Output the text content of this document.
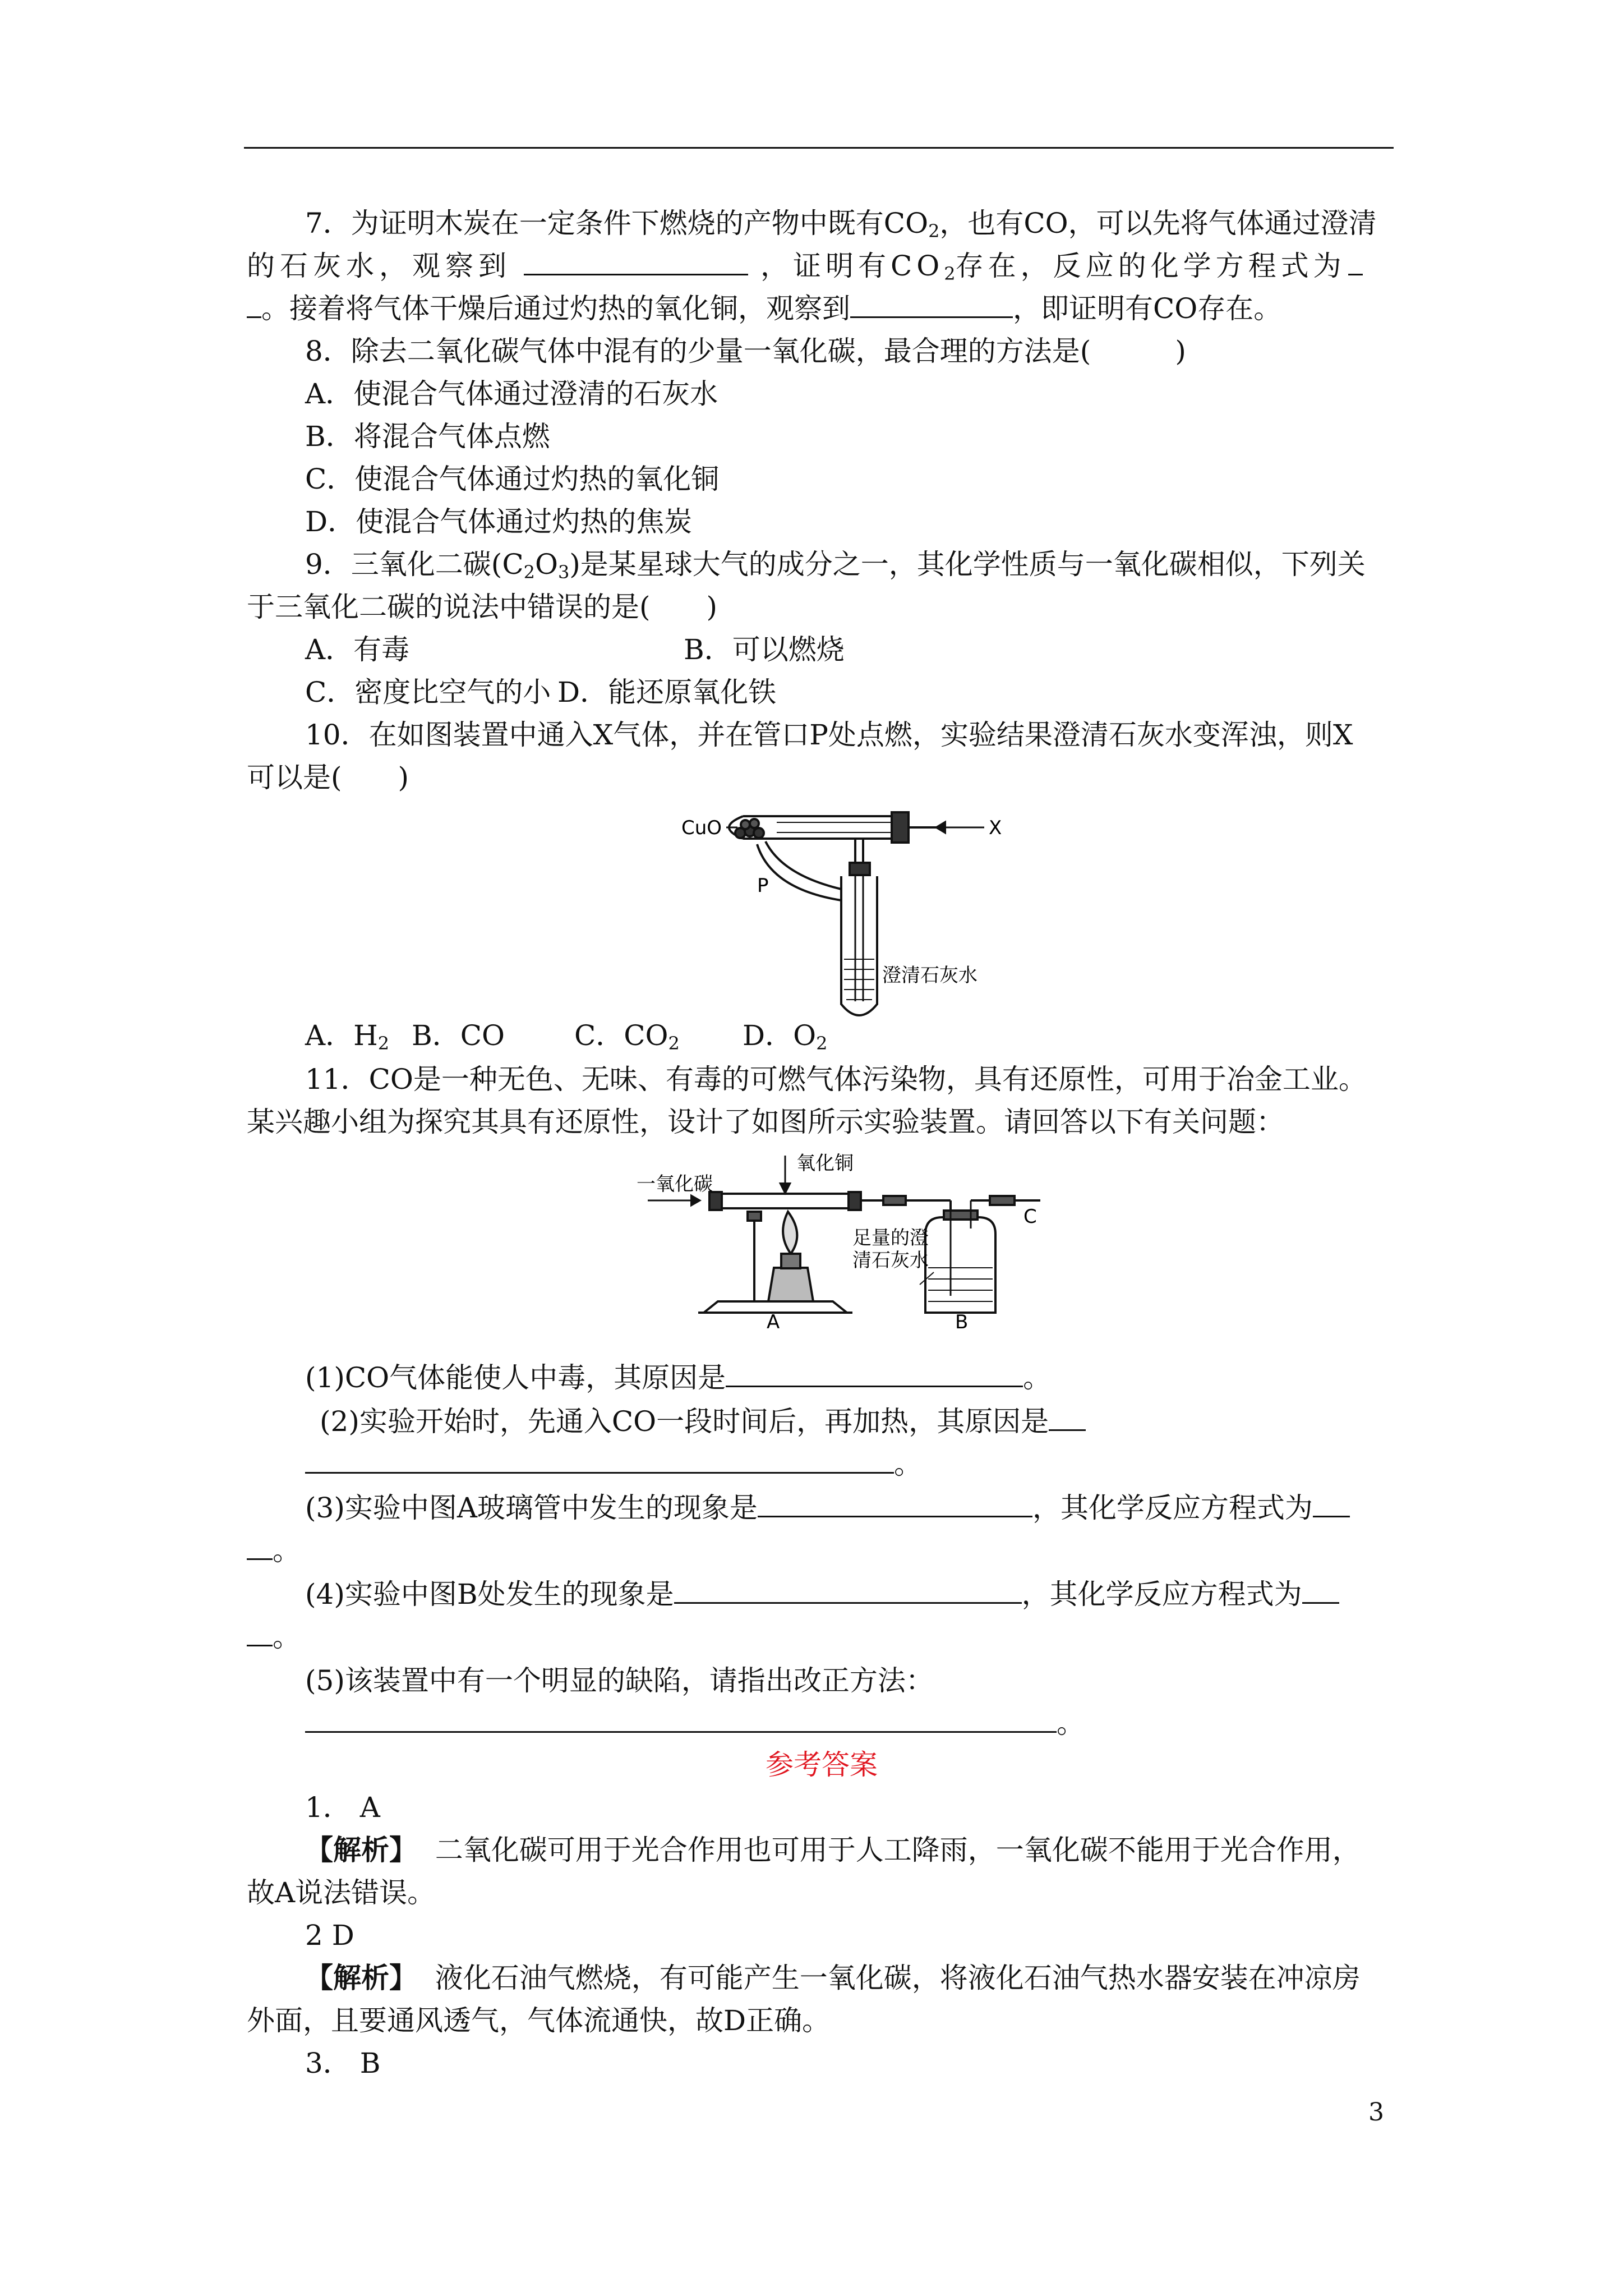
7．为证明木炭在一定条件下燃烧的产物中既有$CO_2$，也有CO，可以先将气体通过澄清
的石灰水，观察到	，证明有$CO_2$存在，反应的化学方程式为
。接着将气体干燥后通过灼热的氧化铜，观察到	，即证明有CO存在。
8．除去二氧化碳气体中混有的少量一氧化碳，最合理的方法是(　　　)
A．使混合气体通过澄清的石灰水
B．将混合气体点燃
C．使混合气体通过灼热的氧化铜
D．使混合气体通过灼热的焦炭
9．三氧化二碳$(C_2O_3)$是某星球大气的成分之一，其化学性质与一氧化碳相似，下列关
于三氧化二碳的说法中错误的是(　　)
A．有毒	B．可以燃烧
C．密度比空气的小 D．能还原氧化铁
10．在如图装置中通入X气体，并在管口P处点燃，实验结果澄清石灰水变浑浊，则X
可以是(　　)
CuO	X
P
澄清石灰水
A．$H_2$ B．CO C．$CO_2$ D．$O_2$
11．CO是一种无色、无味、有毒的可燃气体污染物，具有还原性，可用于冶金工业。
某兴趣小组为探究其具有还原性，设计了如图所示实验装置。请回答以下有关问题：
一氧化碳
氧化铜
足量的澄
清石灰水
A	B
C
(1)CO气体能使人中毒，其原因是	。
(2)实验开始时，先通入CO一段时间后，再加热，其原因是
。
(3)实验中图A玻璃管中发生的现象是	，其化学反应方程式为
。
(4)实验中图B处发生的现象是	，其化学反应方程式为
。
(5)该装置中有一个明显的缺陷，请指出改正方法：
。
参考答案
1． A
【解析】 二氧化碳可用于光合作用也可用于人工降雨，一氧化碳不能用于光合作用，
故A说法错误。
2 D
【解析】 液化石油气燃烧，有可能产生一氧化碳，将液化石油气热水器安装在冲凉房
外面，且要通风透气，气体流通快，故D正确。
3． B
3
